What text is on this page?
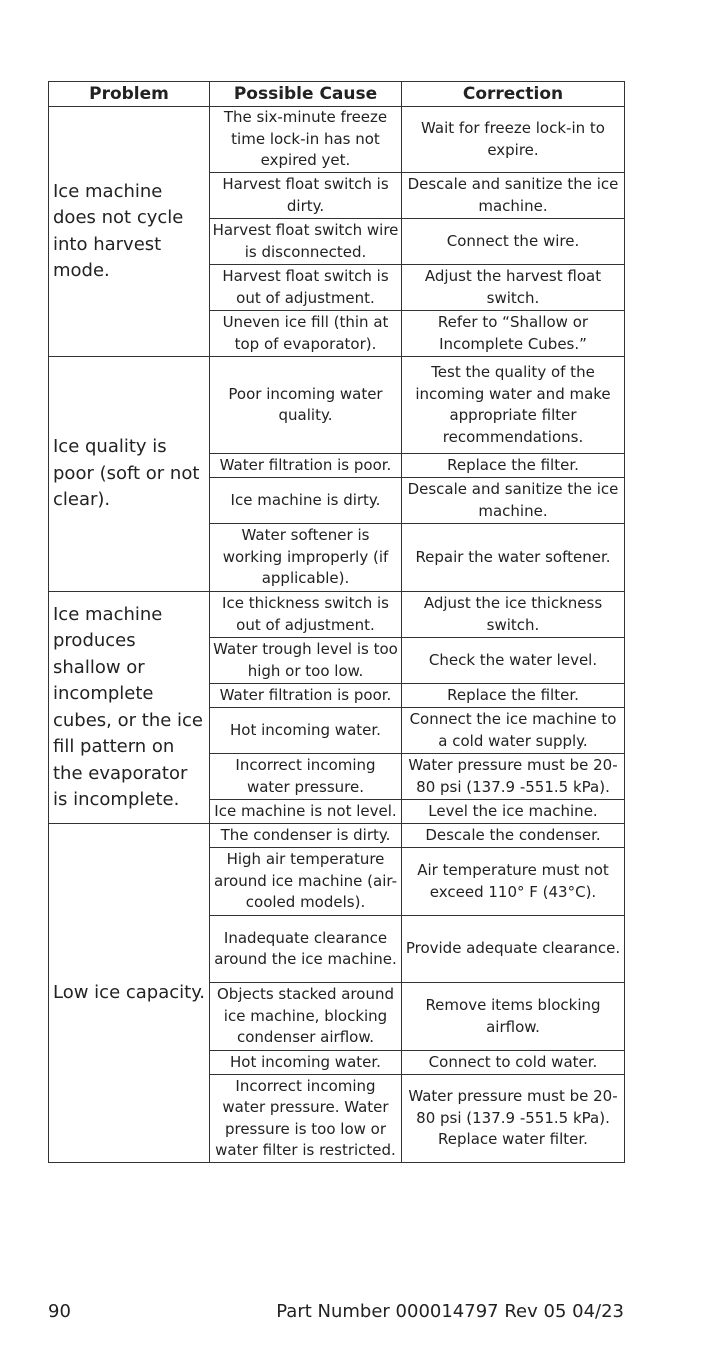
Problem	Possible Cause	Correction
Ice machine does not cycle into harvest mode.	The six-minute freeze time lock-in has not expired yet.	Wait for freeze lock-in to expire.
	Harvest float switch is dirty.	Descale and sanitize the ice machine.
	Harvest float switch wire is disconnected.	Connect the wire.
	Harvest float switch is out of adjustment.	Adjust the harvest float switch.
	Uneven ice fill (thin at top of evaporator).	Refer to “Shallow or Incomplete Cubes.”
Ice quality is poor (soft or not clear).	Poor incoming water quality.	Test the quality of the incoming water and make appropriate filter recommendations.
	Water filtration is poor.	Replace the filter.
	Ice machine is dirty.	Descale and sanitize the ice machine.
	Water softener is working improperly (if applicable).	Repair the water softener.
Ice machine produces shallow or incomplete cubes, or the ice fill pattern on the evaporator is incomplete.	Ice thickness switch is out of adjustment.	Adjust the ice thickness switch.
	Water trough level is too high or too low.	Check the water level.
	Water filtration is poor.	Replace the filter.
	Hot incoming water.	Connect the ice machine to a cold water supply.
	Incorrect incoming water pressure.	Water pressure must be 20-80 psi (137.9 -551.5 kPa).
	Ice machine is not level.	Level the ice machine.
Low ice capacity.	The condenser is dirty.	Descale the condenser.
	High air temperature around ice machine (air-cooled models).	Air temperature must not exceed 110° F (43°C).
	Inadequate clearance around the ice machine.	Provide adequate clearance.
	Objects stacked around ice machine, blocking condenser airflow.	Remove items blocking airflow.
	Hot incoming water.	Connect to cold water.
	Incorrect incoming water pressure. Water pressure is too low or water filter is restricted.	Water pressure must be 20-80 psi (137.9 -551.5 kPa). Replace water filter.
90	Part Number 000014797 Rev 05 04/23
